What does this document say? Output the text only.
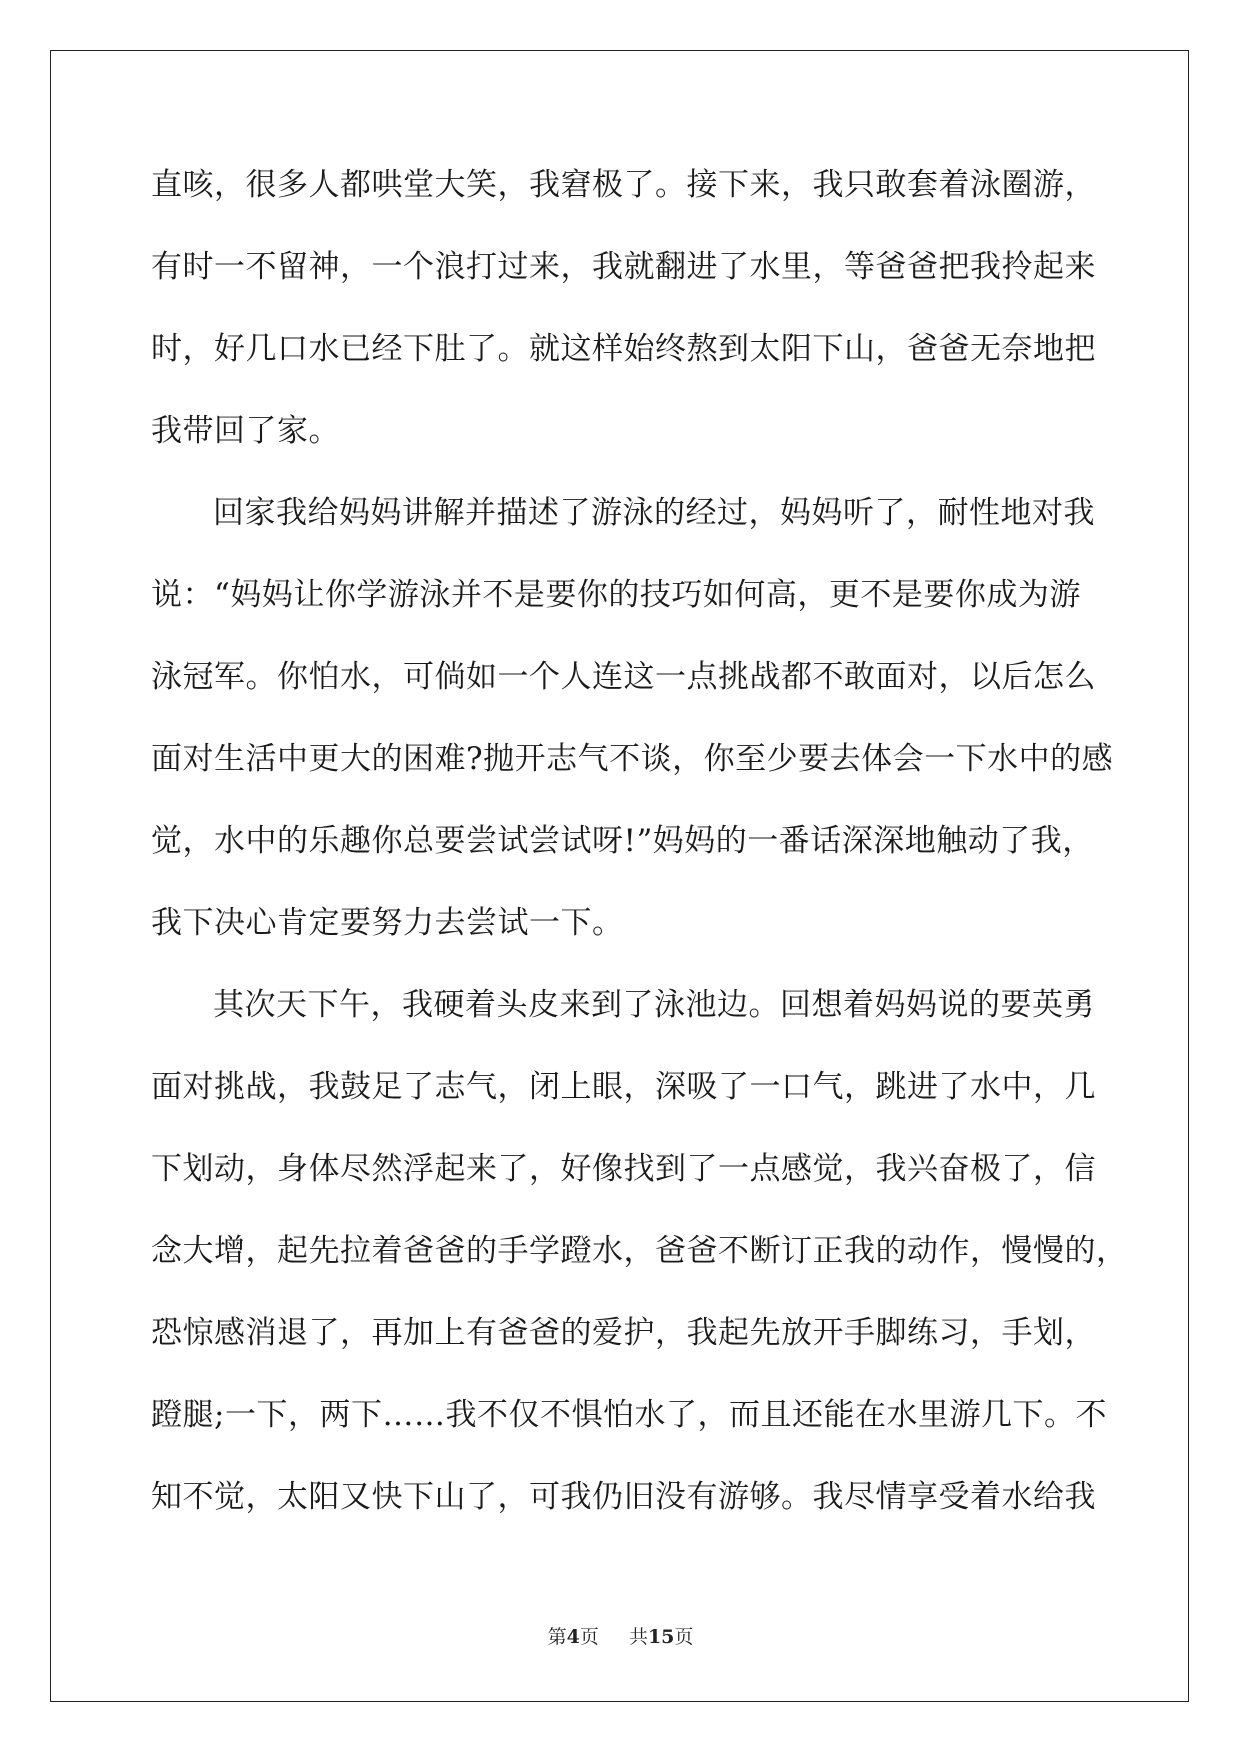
直咳，很多人都哄堂大笑，我窘极了。接下来，我只敢套着泳圈游，
有时一不留神，一个浪打过来，我就翻进了水里，等爸爸把我拎起来
时，好几口水已经下肚了。就这样始终熬到太阳下山，爸爸无奈地把
我带回了家。
回家我给妈妈讲解并描述了游泳的经过，妈妈听了，耐性地对我
说：“妈妈让你学游泳并不是要你的技巧如何高，更不是要你成为游
泳冠军。你怕水，可倘如一个人连这一点挑战都不敢面对，以后怎么
面对生活中更大的困难?抛开志气不谈，你至少要去体会一下水中的感
觉，水中的乐趣你总要尝试尝试呀!”妈妈的一番话深深地触动了我，
我下决心肯定要努力去尝试一下。
其次天下午，我硬着头皮来到了泳池边。回想着妈妈说的要英勇
面对挑战，我鼓足了志气，闭上眼，深吸了一口气，跳进了水中，几
下划动，身体尽然浮起来了，好像找到了一点感觉，我兴奋极了，信
念大增，起先拉着爸爸的手学蹬水，爸爸不断订正我的动作，慢慢的，
恐惊感消退了，再加上有爸爸的爱护，我起先放开手脚练习，手划，
蹬腿;一下，两下……我不仅不惧怕水了，而且还能在水里游几下。不
知不觉，太阳又快下山了，可我仍旧没有游够。我尽情享受着水给我
第4页 共15页
